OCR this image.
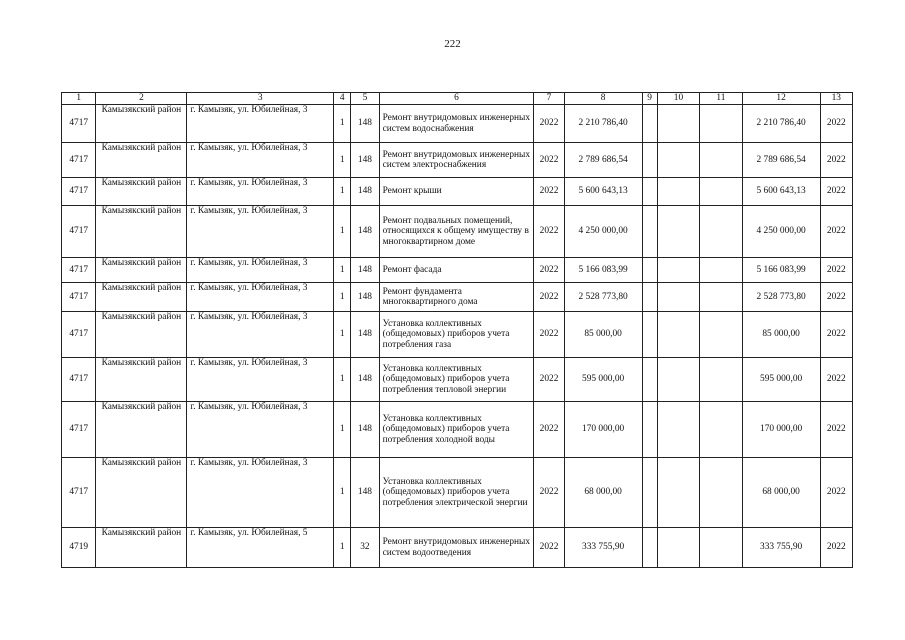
222
1	2	3	4	5	6	7	8	9	10	11	12	13
4717	Камызякский район	г. Камызяк, ул. Юбилейная, 3	1	148	Ремонт внутридомовых инженерных систем водоснабжения	2022	2 210 786,40				2 210 786,40	2022
4717	Камызякский район	г. Камызяк, ул. Юбилейная, 3	1	148	Ремонт внутридомовых инженерных систем электроснабжения	2022	2 789 686,54				2 789 686,54	2022
4717	Камызякский район	г. Камызяк, ул. Юбилейная, 3	1	148	Ремонт крыши	2022	5 600 643,13				5 600 643,13	2022
4717	Камызякский район	г. Камызяк, ул. Юбилейная, 3	1	148	Ремонт подвальных помещений, относящихся к общему имуществу в многоквартирном доме	2022	4 250 000,00				4 250 000,00	2022
4717	Камызякский район	г. Камызяк, ул. Юбилейная, 3	1	148	Ремонт фасада	2022	5 166 083,99				5 166 083,99	2022
4717	Камызякский район	г. Камызяк, ул. Юбилейная, 3	1	148	Ремонт фундамента многоквартирного дома	2022	2 528 773,80				2 528 773,80	2022
4717	Камызякский район	г. Камызяк, ул. Юбилейная, 3	1	148	Установка коллективных (общедомовых) приборов учета потребления газа	2022	85 000,00				85 000,00	2022
4717	Камызякский район	г. Камызяк, ул. Юбилейная, 3	1	148	Установка коллективных (общедомовых) приборов учета потребления тепловой энергии	2022	595 000,00				595 000,00	2022
4717	Камызякский район	г. Камызяк, ул. Юбилейная, 3	1	148	Установка коллективных (общедомовых) приборов учета потребления холодной воды	2022	170 000,00				170 000,00	2022
4717	Камызякский район	г. Камызяк, ул. Юбилейная, 3	1	148	Установка коллективных (общедомовых) приборов учета потребления электрической энергии	2022	68 000,00				68 000,00	2022
4719	Камызякский район	г. Камызяк, ул. Юбилейная, 5	1	32	Ремонт внутридомовых инженерных систем водоотведения	2022	333 755,90				333 755,90	2022
